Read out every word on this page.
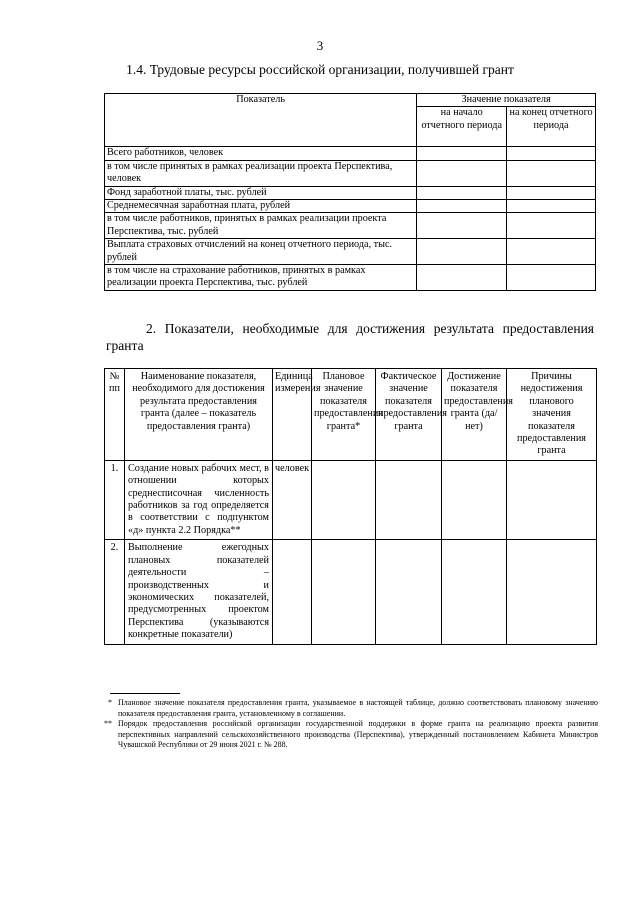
3
1.4. Трудовые ресурсы российской организации, получившей грант
Показатель	Значение показателя	
	на начало отчетного периода	на конец отчетного периода
Всего работников, человек		
в том числе принятых в рамках реализации проекта Перспектива, человек		
Фонд заработной платы, тыс. рублей		
Среднемесячная заработная плата, рублей		
в том числе работников, принятых в рамках реализации проекта Перспектива, тыс. рублей		
Выплата страховых отчислений на конец отчетного периода, тыс. рублей		
в том числе на страхование работников, принятых в рамках реализации проекта Перспектива, тыс. рублей		
2. Показатели, необходимые для достижения результата предоставления
гранта
№ пп	Наименование показателя, необходимого для достижения результата предоставления гранта (далее – показатель предоставления гранта)	Единица измерения	Плановое значение показателя предоставления гранта*	Фактическое значение показателя предоставления гранта	Достижение показателя предоставления гранта (да/нет)	Причины недостижения планового значения показателя предоставления гранта
1.	Создание новых рабочих мест, в отношении которых среднесписочная численность работников за год определяется в соответствии с подпунктом «д» пункта 2.2 Порядка**	человек				
2.	Выполнение ежегодных плановых показателей деятельности – производственных и экономических показателей, предусмотренных проектом Перспектива (указываются конкретные показатели)					
* Плановое значение показателя предоставления гранта, указываемое в настоящей таблице, должно соответствовать плановому значению показателя предоставления гранта, установленному в соглашении.
** Порядок предоставления российской организации государственной поддержки в форме гранта на реализацию проекта развития перспективных направлений сельскохозяйственного производства (Перспектива), утвержденный постановлением Кабинета Министров Чувашской Республики от 29 июня 2021 г. № 288.
